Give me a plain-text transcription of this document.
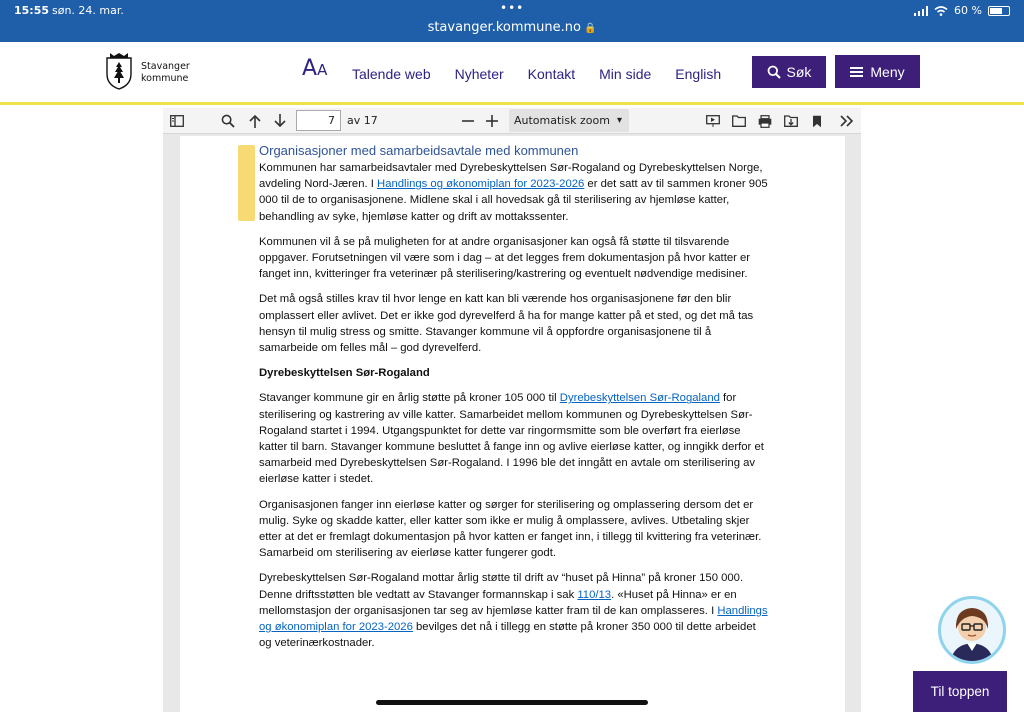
15:55 søn. 24. mar.	•••
stavanger.kommune.no 🔒
60 %
Stavanger
kommune	AA Talende web Nyheter Kontakt Min side English	Søk	Meny
7	av 17	Automatisk zoom ▾
Organisasjoner med samarbeidsavtale med kommunen

Kommunen har samarbeidsavtaler med Dyrebeskyttelsen Sør-Rogaland og Dyrebeskyttelsen Norge, avdeling Nord-Jæren. I Handlings og økonomiplan for 2023-2026 er det satt av til sammen kroner 905 000 til de to organisasjonene. Midlene skal i all hovedsak gå til sterilisering av hjemløse katter, behandling av syke, hjemløse katter og drift av mottakssenter.

Kommunen vil å se på muligheten for at andre organisasjoner kan også få støtte til tilsvarende oppgaver. Forutsetningen vil være som i dag – at det legges frem dokumentasjon på hvor katter er fanget inn, kvitteringer fra veterinær på sterilisering/kastrering og eventuelt nødvendige medisiner.

Det må også stilles krav til hvor lenge en katt kan bli værende hos organisasjonene før den blir omplassert eller avlivet. Det er ikke god dyrevelferd å ha for mange katter på et sted, og det må tas hensyn til mulig stress og smitte. Stavanger kommune vil å oppfordre organisasjonene til å samarbeide om felles mål – god dyrevelferd.

Dyrebeskyttelsen Sør-Rogaland

Stavanger kommune gir en årlig støtte på kroner 105 000 til Dyrebeskyttelsen Sør-Rogaland for sterilisering og kastrering av ville katter. Samarbeidet mellom kommunen og Dyrebeskyttelsen Sør-Rogaland startet i 1994. Utgangspunktet for dette var ringormsmitte som ble overført fra eierløse katter til barn. Stavanger kommune besluttet å fange inn og avlive eierløse katter, og inngikk derfor et samarbeid med Dyrebeskyttelsen Sør-Rogaland. I 1996 ble det inngått en avtale om sterilisering av eierløse katter i stedet.

Organisasjonen fanger inn eierløse katter og sørger for sterilisering og omplassering dersom det er mulig. Syke og skadde katter, eller katter som ikke er mulig å omplassere, avlives. Utbetaling skjer etter at det er fremlagt dokumentasjon på hvor katten er fanget inn, i tillegg til kvittering fra veterinær. Samarbeid om sterilisering av eierløse katter fungerer godt.

Dyrebeskyttelsen Sør-Rogaland mottar årlig støtte til drift av “huset på Hinna” på kroner 150 000. Denne driftsstøtten ble vedtatt av Stavanger formannskap i sak 110/13. «Huset på Hinna» er en mellomstasjon der organisasjonen tar seg av hjemløse katter fram til de kan omplasseres. I Handlings og økonomiplan for 2023-2026 bevilges det nå i tillegg en støtte på kroner 350 000 til dette arbeidet og veterinærkostnader.

Til toppen
